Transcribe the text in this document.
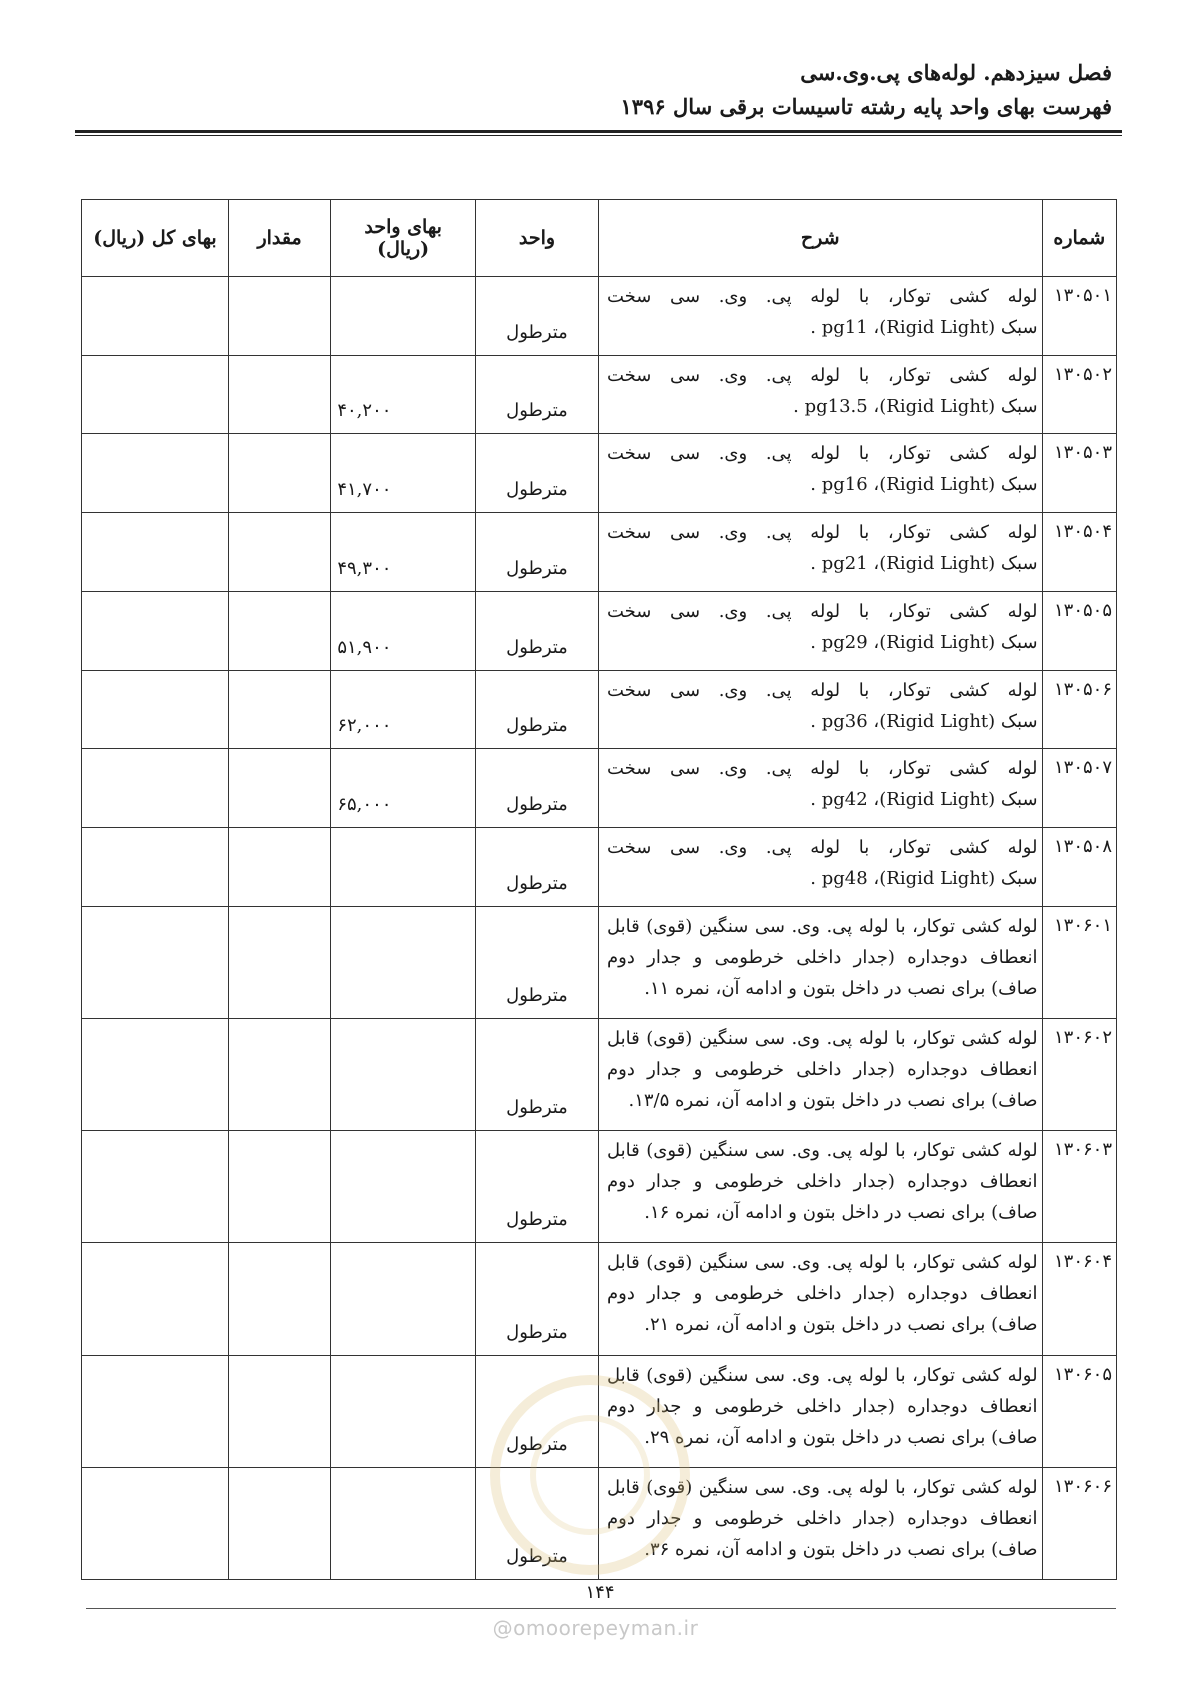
فصل سیزدهم. لوله‌های پی.وی.سی
فهرست بهای واحد پایه رشته تاسیسات برقی سال ۱۳۹۶
شماره	شرح	واحد	بهای واحد
(ریال)	مقدار	بهای کل (ریال)
۱۳۰۵۰۱	لوله کشی توکار، با لوله پی. وی. سی سخت
سبک (Rigid Light)، pg11 .	مترطول			
۱۳۰۵۰۲	لوله کشی توکار، با لوله پی. وی. سی سخت
سبک (Rigid Light)، pg13.5 .	مترطول	۴۰,۲۰۰		
۱۳۰۵۰۳	لوله کشی توکار، با لوله پی. وی. سی سخت
سبک (Rigid Light)، pg16 .	مترطول	۴۱,۷۰۰		
۱۳۰۵۰۴	لوله کشی توکار، با لوله پی. وی. سی سخت
سبک (Rigid Light)، pg21 .	مترطول	۴۹,۳۰۰		
۱۳۰۵۰۵	لوله کشی توکار، با لوله پی. وی. سی سخت
سبک (Rigid Light)، pg29 .	مترطول	۵۱,۹۰۰		
۱۳۰۵۰۶	لوله کشی توکار، با لوله پی. وی. سی سخت
سبک (Rigid Light)، pg36 .	مترطول	۶۲,۰۰۰		
۱۳۰۵۰۷	لوله کشی توکار، با لوله پی. وی. سی سخت
سبک (Rigid Light)، pg42 .	مترطول	۶۵,۰۰۰		
۱۳۰۵۰۸	لوله کشی توکار، با لوله پی. وی. سی سخت
سبک (Rigid Light)، pg48 .	مترطول			
۱۳۰۶۰۱	لوله کشی توکار، با لوله پی. وی. سی سنگین (قوی) قابل
انعطاف دوجداره (جدار داخلی خرطومی و جدار دوم
صاف) برای نصب در داخل بتون و ادامه آن، نمره ۱۱.	مترطول			
۱۳۰۶۰۲	لوله کشی توکار، با لوله پی. وی. سی سنگین (قوی) قابل
انعطاف دوجداره (جدار داخلی خرطومی و جدار دوم
صاف) برای نصب در داخل بتون و ادامه آن، نمره ۱۳/۵.	مترطول			
۱۳۰۶۰۳	لوله کشی توکار، با لوله پی. وی. سی سنگین (قوی) قابل
انعطاف دوجداره (جدار داخلی خرطومی و جدار دوم
صاف) برای نصب در داخل بتون و ادامه آن، نمره ۱۶.	مترطول			
۱۳۰۶۰۴	لوله کشی توکار، با لوله پی. وی. سی سنگین (قوی) قابل
انعطاف دوجداره (جدار داخلی خرطومی و جدار دوم
صاف) برای نصب در داخل بتون و ادامه آن، نمره ۲۱.	مترطول			
۱۳۰۶۰۵	لوله کشی توکار، با لوله پی. وی. سی سنگین (قوی) قابل
انعطاف دوجداره (جدار داخلی خرطومی و جدار دوم
صاف) برای نصب در داخل بتون و ادامه آن، نمره ۲۹.	مترطول			
۱۳۰۶۰۶	لوله کشی توکار، با لوله پی. وی. سی سنگین (قوی) قابل
انعطاف دوجداره (جدار داخلی خرطومی و جدار دوم
صاف) برای نصب در داخل بتون و ادامه آن، نمره ۳۶.	مترطول			
۱۴۴
@omoorepeyman.ir
